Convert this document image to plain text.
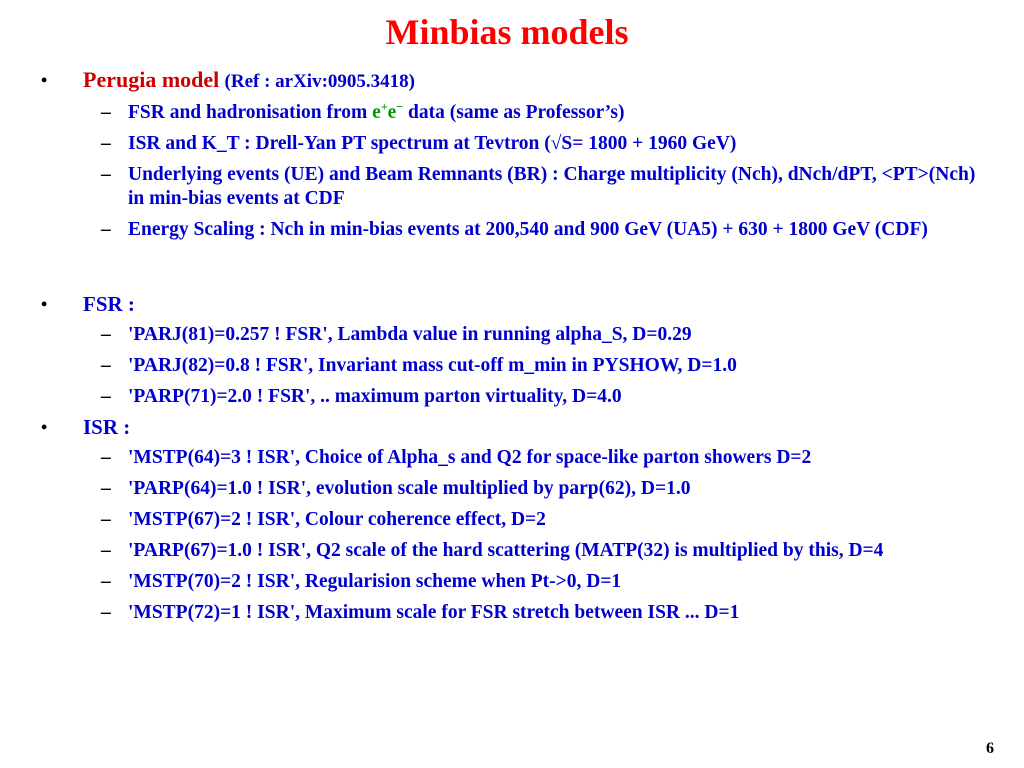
Minbias models
• Perugia model (Ref : arXiv:0905.3418)
– FSR and hadronisation from e+e− data (same as Professor’s)
– ISR and K_T : Drell-Yan PT spectrum at Tevtron (√S= 1800 + 1960 GeV)
– Underlying events (UE) and Beam Remnants (BR) : Charge multiplicity (Nch), dNch/dPT, <PT>(Nch) in min-bias events at CDF
– Energy Scaling : Nch in min-bias events at 200,540 and 900 GeV (UA5) + 630 + 1800 GeV (CDF)
• FSR :
– 'PARJ(81)=0.257 ! FSR', Lambda value in running alpha_S, D=0.29
– 'PARJ(82)=0.8 ! FSR', Invariant mass cut-off m_min in PYSHOW, D=1.0
– 'PARP(71)=2.0 ! FSR', .. maximum parton virtuality, D=4.0
• ISR :
– 'MSTP(64)=3 ! ISR', Choice of Alpha_s and Q2 for space-like parton showers D=2
– 'PARP(64)=1.0 ! ISR', evolution scale multiplied by parp(62), D=1.0
– 'MSTP(67)=2 ! ISR', Colour coherence effect, D=2
– 'PARP(67)=1.0 ! ISR', Q2 scale of the hard scattering (MATP(32) is multiplied by this, D=4
– 'MSTP(70)=2 ! ISR', Regularision scheme when Pt->0, D=1
– 'MSTP(72)=1 ! ISR', Maximum scale for FSR stretch between ISR ... D=1
6
